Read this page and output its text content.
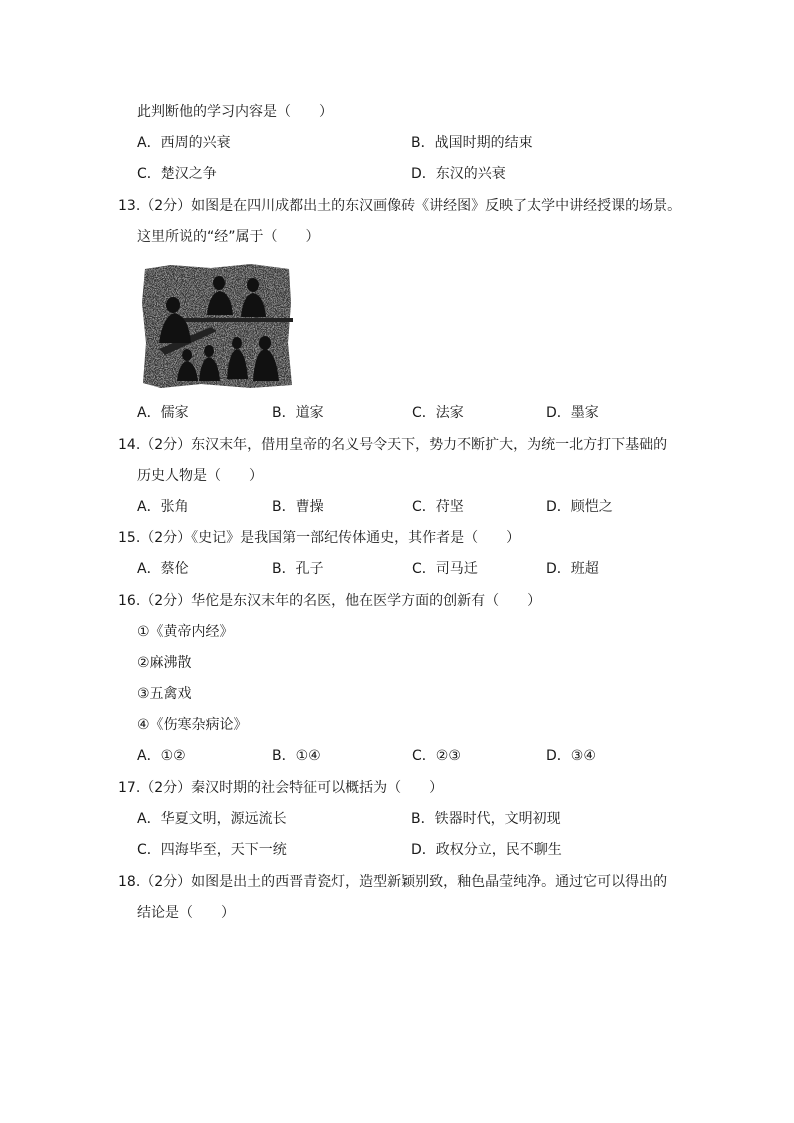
此判断他的学习内容是（　　）
A．西周的兴衰	B．战国时期的结束
C．楚汉之争	D．东汉的兴衰
13.（2分）如图是在四川成都出土的东汉画像砖《讲经图》反映了太学中讲经授课的场景。
这里所说的“经”属于（　　）
A．儒家	B．道家	C．法家	D．墨家
14.（2分）东汉末年，借用皇帝的名义号令天下，势力不断扩大，为统一北方打下基础的
历史人物是（　　）
A．张角	B．曹操	C．苻坚	D．顾恺之
15.（2分）《史记》是我国第一部纪传体通史，其作者是（　　）
A．蔡伦	B．孔子	C．司马迁	D．班超
16.（2分）华佗是东汉末年的名医，他在医学方面的创新有（　　）
①《黄帝内经》
②麻沸散
③五禽戏
④《伤寒杂病论》
A．①②	B．①④	C．②③	D．③④
17.（2分）秦汉时期的社会特征可以概括为（　　）
A．华夏文明，源远流长	B．铁器时代，文明初现
C．四海毕至，天下一统	D．政权分立，民不聊生
18.（2分）如图是出土的西晋青瓷灯，造型新颖别致，釉色晶莹纯净。通过它可以得出的
结论是（　　）
